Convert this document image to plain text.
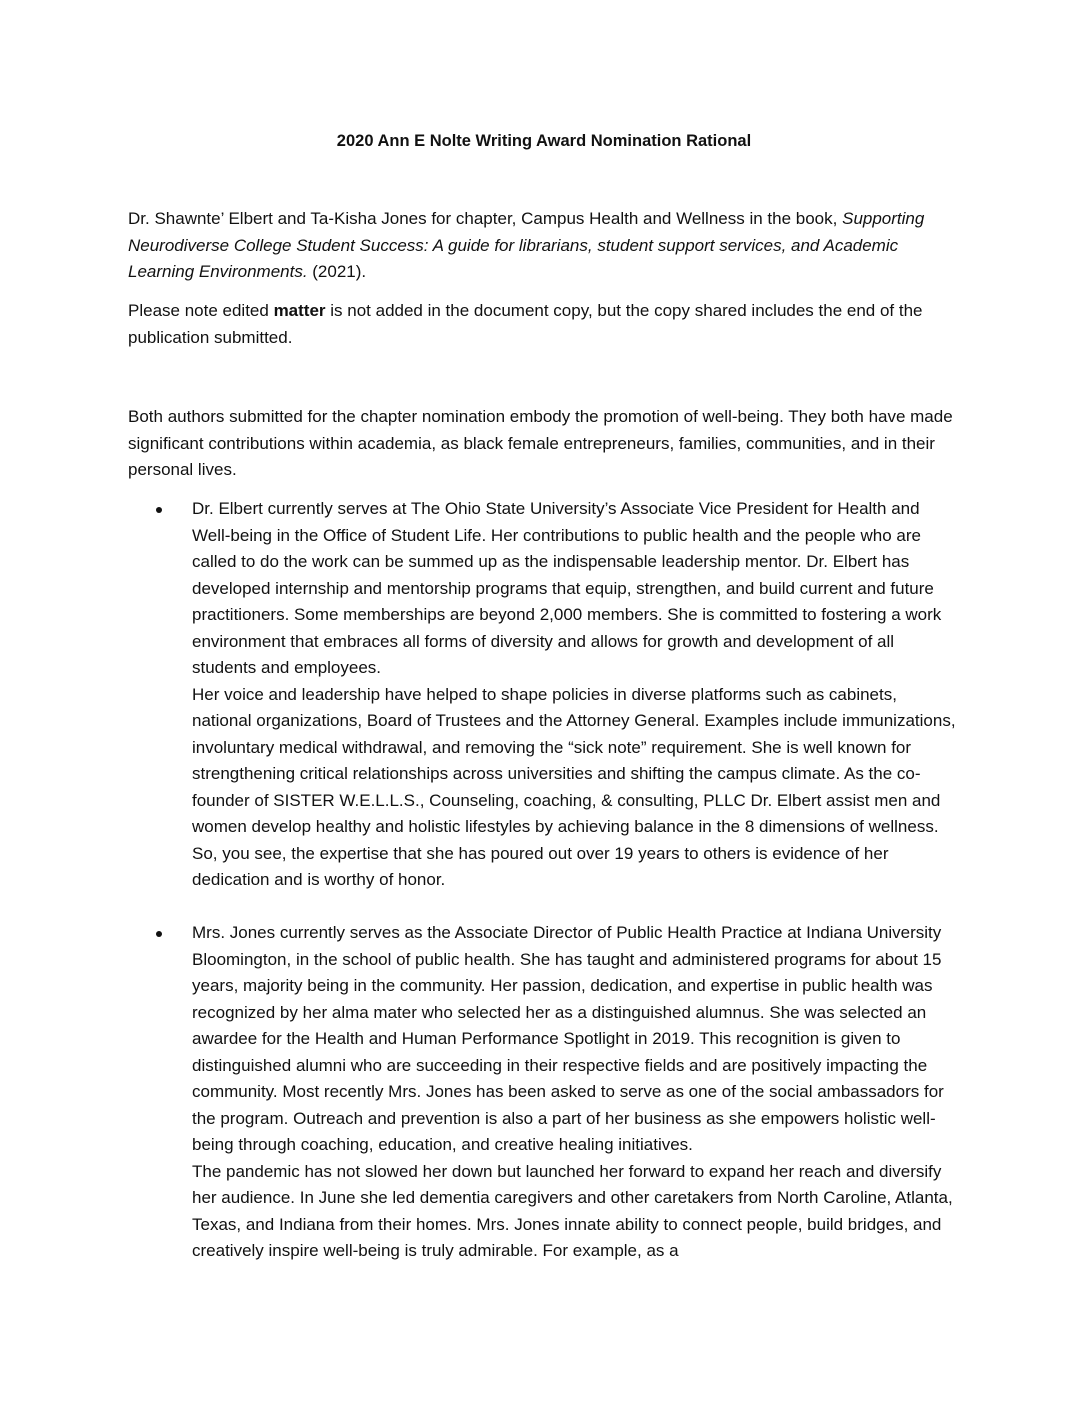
2020 Ann E Nolte Writing Award Nomination Rational

Dr. Shawnte’ Elbert and Ta-Kisha Jones for chapter, Campus Health and Wellness in the book, Supporting Neurodiverse College Student Success: A guide for librarians, student support services, and Academic Learning Environments. (2021).

Please note edited matter is not added in the document copy, but the copy shared includes the end of the publication submitted.

Both authors submitted for the chapter nomination embody the promotion of well-being. They both have made significant contributions within academia, as black female entrepreneurs, families, communities, and in their personal lives.

Dr. Elbert currently serves at The Ohio State University’s Associate Vice President for Health and Well-being in the Office of Student Life. Her contributions to public health and the people who are called to do the work can be summed up as the indispensable leadership mentor. Dr. Elbert has developed internship and mentorship programs that equip, strengthen, and build current and future practitioners. Some memberships are beyond 2,000 members. She is committed to fostering a work environment that embraces all forms of diversity and allows for growth and development of all students and employees.

Her voice and leadership have helped to shape policies in diverse platforms such as cabinets, national organizations, Board of Trustees and the Attorney General. Examples include immunizations, involuntary medical withdrawal, and removing the “sick note” requirement. She is well known for strengthening critical relationships across universities and shifting the campus climate. As the co-founder of SISTER W.E.L.L.S., Counseling, coaching, & consulting, PLLC Dr. Elbert assist men and women develop healthy and holistic lifestyles by achieving balance in the 8 dimensions of wellness. So, you see, the expertise that she has poured out over 19 years to others is evidence of her dedication and is worthy of honor.

Mrs. Jones currently serves as the Associate Director of Public Health Practice at Indiana University Bloomington, in the school of public health. She has taught and administered programs for about 15 years, majority being in the community. Her passion, dedication, and expertise in public health was recognized by her alma mater who selected her as a distinguished alumnus. She was selected an awardee for the Health and Human Performance Spotlight in 2019. This recognition is given to distinguished alumni who are succeeding in their respective fields and are positively impacting the community. Most recently Mrs. Jones has been asked to serve as one of the social ambassadors for the program. Outreach and prevention is also a part of her business as she empowers holistic well-being through coaching, education, and creative healing initiatives.

The pandemic has not slowed her down but launched her forward to expand her reach and diversify her audience. In June she led dementia caregivers and other caretakers from North Caroline, Atlanta, Texas, and Indiana from their homes. Mrs. Jones innate ability to connect people, build bridges, and creatively inspire well-being is truly admirable. For example, as a
